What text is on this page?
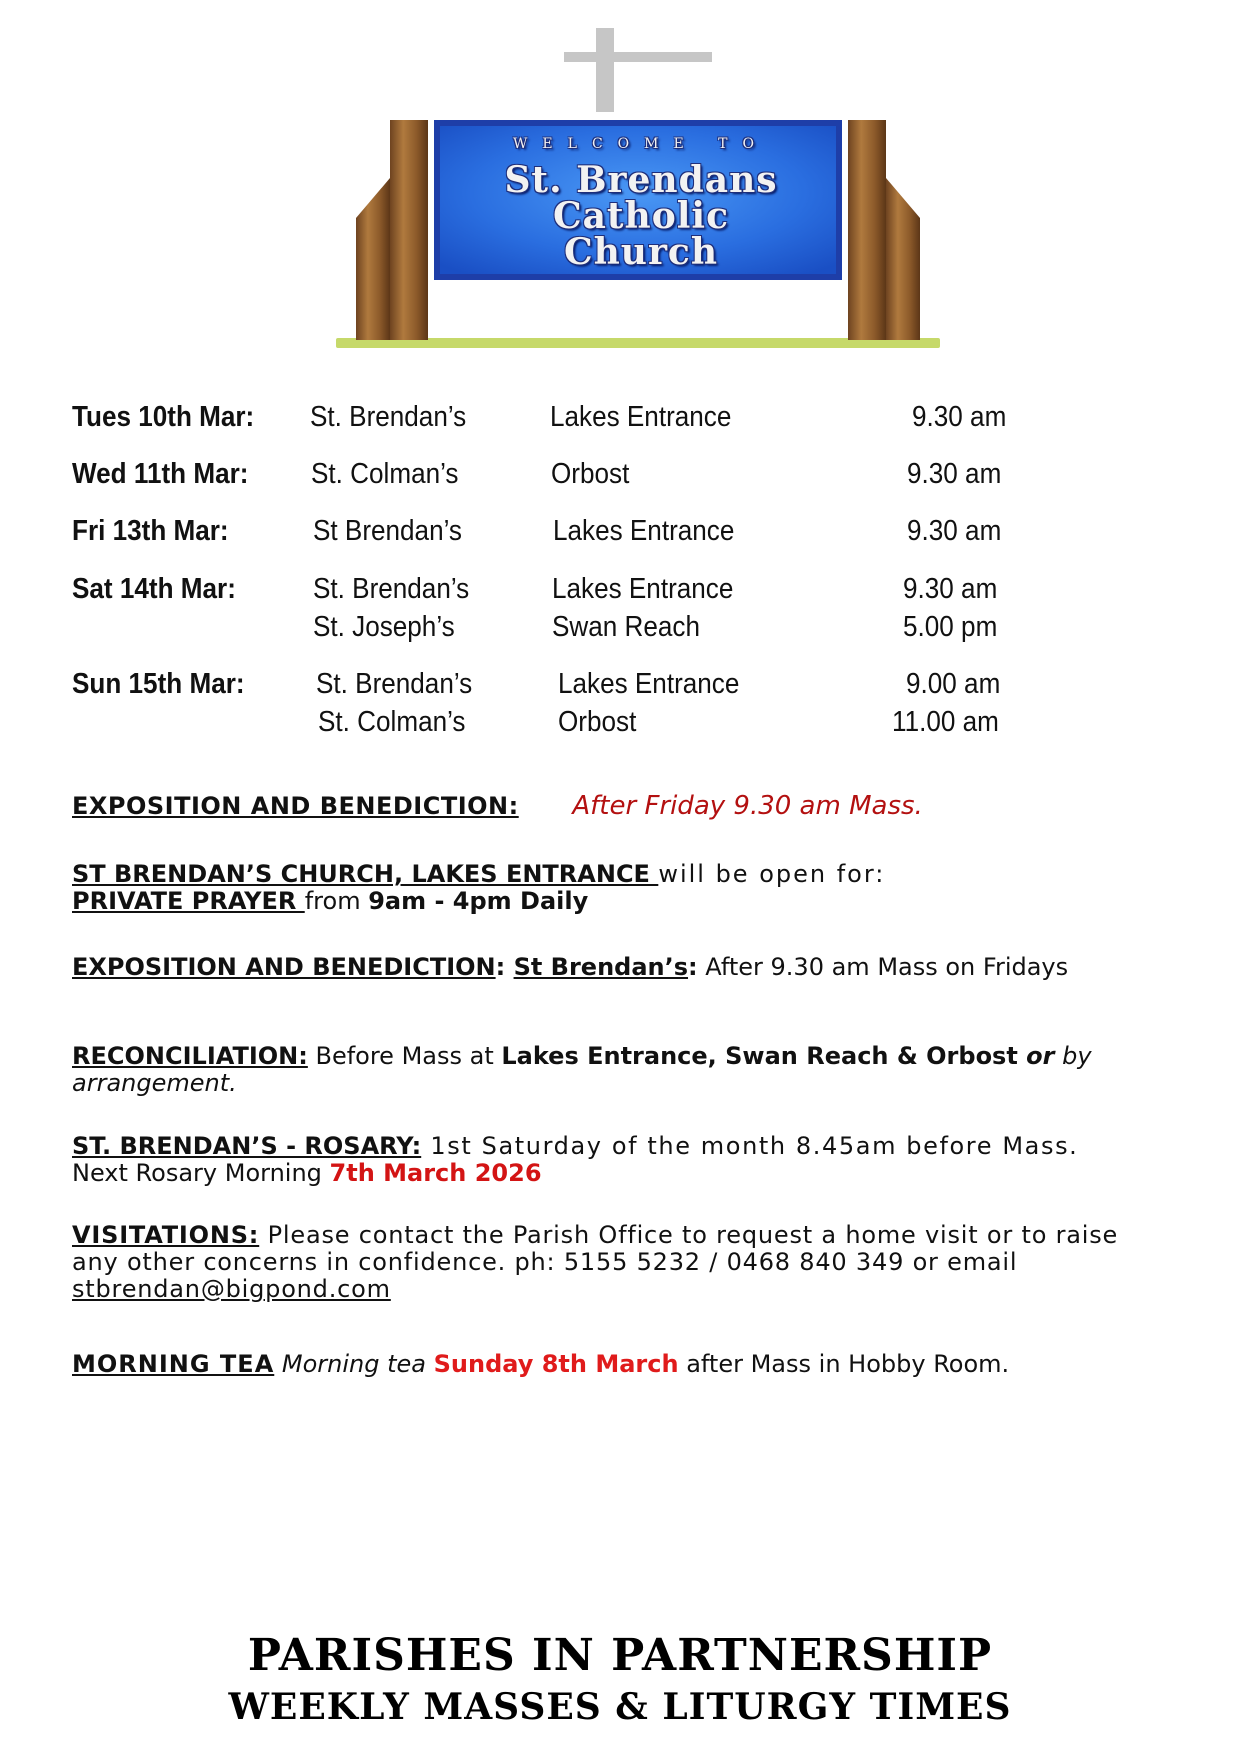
WELCOME TO
St. Brendans
Catholic
Church
Tues 10th Mar: St. Brendan’s	Lakes Entrance	9.30 am
Wed 11th Mar: St. Colman’s	Orbost	9.30 am
Fri 13th Mar:	St Brendan’s	Lakes Entrance	9.30 am
Sat 14th Mar:	St. Brendan’s	Lakes Entrance	9.30 am
St. Joseph’s	Swan Reach	5.00 pm
Sun 15th Mar: St. Brendan’s	Lakes Entrance	9.00 am
St. Colman’s	Orbost	11.00 am

EXPOSITION AND BENEDICTION: After Friday 9.30 am Mass.

ST BRENDAN’S CHURCH, LAKES ENTRANCE will be open for:

PRIVATE PRAYER from 9am - 4pm Daily

EXPOSITION AND BENEDICTION: St Brendan’s: After 9.30 am Mass on Fridays

RECONCILIATION: Before Mass at Lakes Entrance, Swan Reach & Orbost or by arrangement.

ST. BRENDAN’S - ROSARY: 1st Saturday of the month 8.45am before Mass.

Next Rosary Morning 7th March 2026

VISITATIONS: Please contact the Parish Office to request a home visit or to raise any other concerns in confidence. ph: 5155 5232 / 0468 840 349 or email stbrendan@bigpond.com

MORNING TEA Morning tea Sunday 8th March after Mass in Hobby Room.

PARISHES IN PARTNERSHIP
WEEKLY MASSES & LITURGY TIMES
